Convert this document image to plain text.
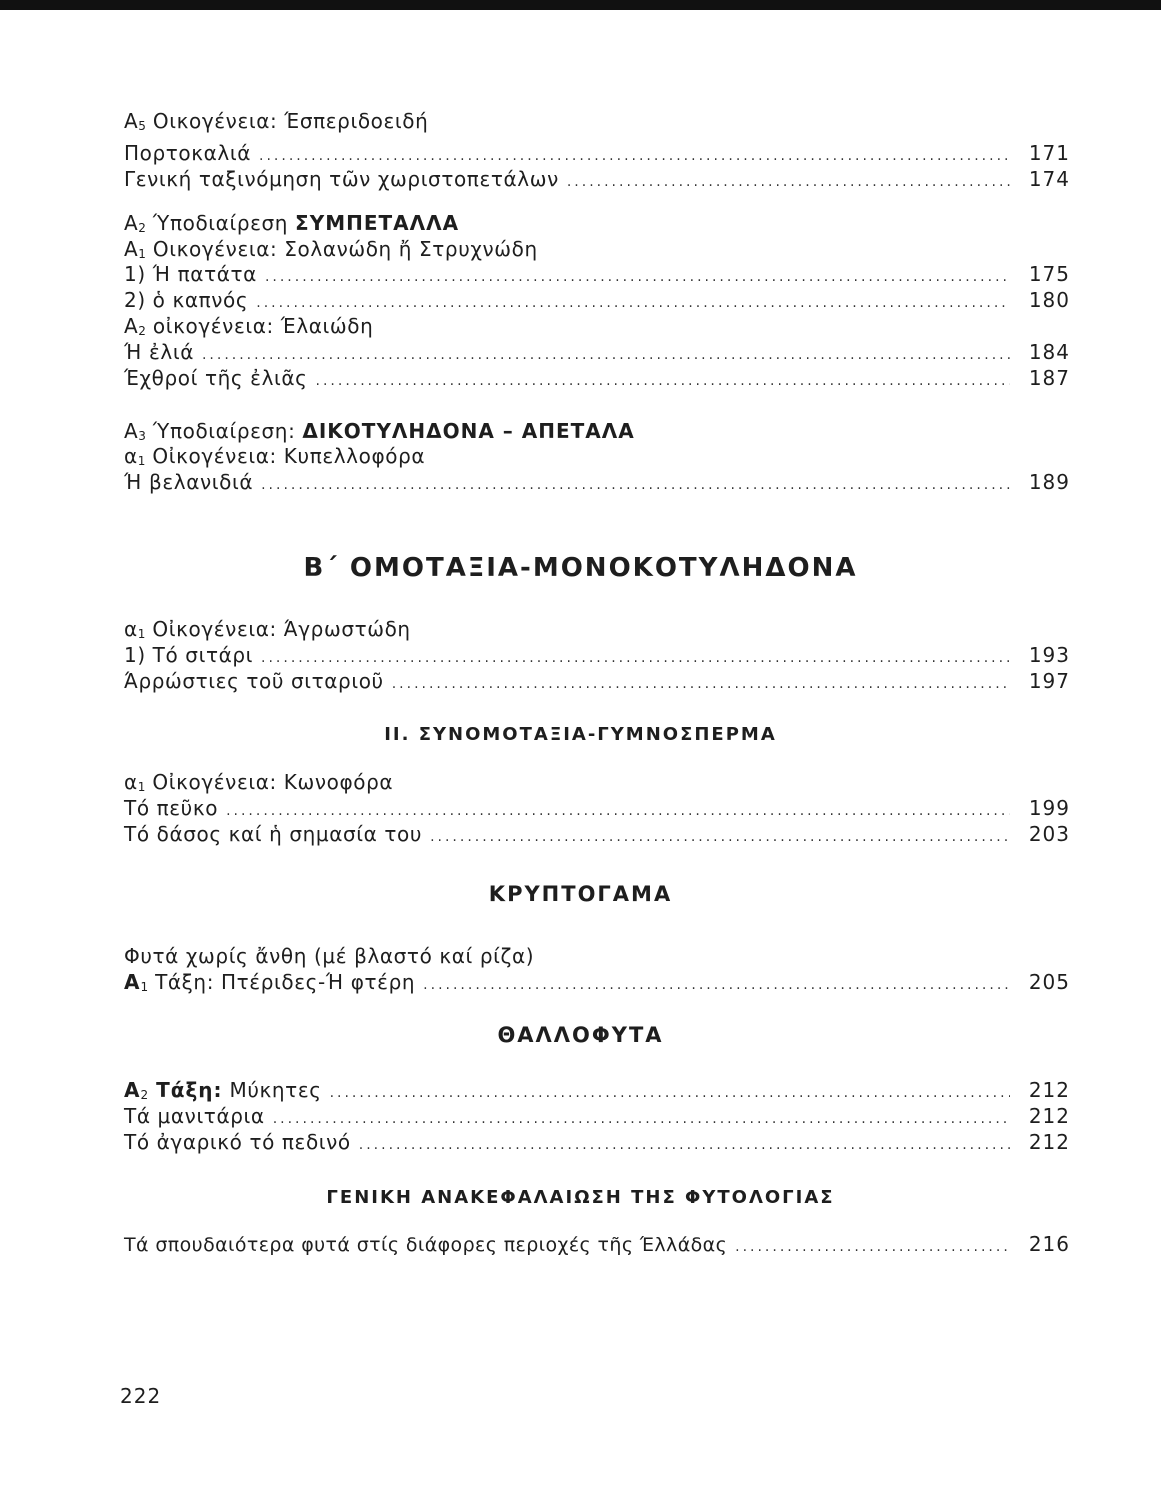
$A_5$ Οικογένεια: Έσπεριδοειδή
Πορτοκαλιά .....	171
Γενική ταξινόμηση τῶν χωριστοπετάλων .....	174
$A_2$ Ύποδιαίρεση ΣΥΜΠΕΤΑΛΛΑ
$A_1$ Οικογένεια: Σολανώδη ἤ Στρυχνώδη
1) Ή πατάτα .....	175
2) ὁ καπνός .....	180
$A_2$ οἰκογένεια: Έλαιώδη
Ή ἐλιά .....	184
Έχθροί τῆς ἐλιᾶς .....	187
$A_3$ Ύποδιαίρεση: ΔΙΚΟΤΥΛΗΔΟΝΑ – ΑΠΕΤΑΛΑ
$\alpha_1$ Οἰκογένεια: Κυπελλοφόρα
Ή βελανιδιά .....	189
Β΄ ΟΜΟΤΑΞΙΑ-ΜΟΝΟΚΟΤΥΛΗΔΟΝΑ
$\alpha_1$ Οἰκογένεια: Άγρωστώδη
1) Τό σιτάρι .....	193
Άρρώστιες τοῦ σιταριοῦ .....	197
ΙΙ. ΣΥΝΟΜΟΤΑΞΙΑ-ΓΥΜΝΟΣΠΕΡΜΑ
$\alpha_1$ Οἰκογένεια: Κωνοφόρα
Τό πεῦκο .....	199
Τό δάσος καί ἡ σημασία του .....	203
ΚΡΥΠΤΟΓΑΜΑ
Φυτά χωρίς ἄνθη (μέ βλαστό καί ρίζα)
$A_1$ Τάξη: Πτέριδες-Ή φτέρη .....	205
ΘΑΛΛΟΦΥΤΑ
$A_2$ Τάξη: Μύκητες .....	212
Τά μανιτάρια .....	212
Τό ἀγαρικό τό πεδινό .....	212
ΓΕΝΙΚΗ ΑΝΑΚΕΦΑΛΑΙΩΣΗ ΤΗΣ ΦΥΤΟΛΟΓΙΑΣ
Τά σπουδαιότερα φυτά στίς διάφορες περιοχές τῆς Έλλάδας .....	216
222
